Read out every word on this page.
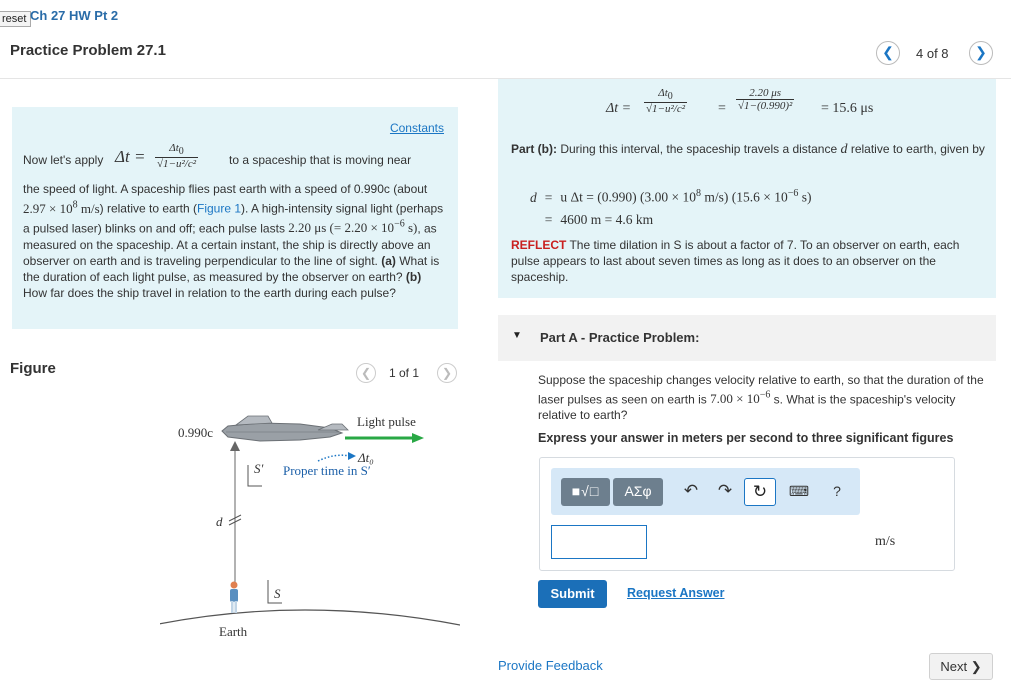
reset Ch 27 HW Pt 2
Practice Problem 27.1	❮	4 of 8	❯
Constants
Now let's apply $\Delta t = \frac{\Delta t_0}{\text{√1−u²/c²}}$	to a spaceship that is moving near
the speed of light. A spaceship flies past earth with a speed of 0.990c (about $2.97 \times 10^8$ m/s) relative to earth (Figure 1). A high-intensity signal light (perhaps a pulsed laser) blinks on and off; each pulse lasts 2.20 μs (= $2.20 \times 10^{-6}$ s), as measured on the spaceship. At a certain instant, the ship is directly above an observer on earth and is traveling perpendicular to the line of sight. (a) What is the duration of each light pulse, as measured by the observer on earth? (b) How far does the ship travel in relation to the earth during each pulse?
Figure	❮	1 of 1	❯
0.990c
Light pulse
Δt₀
S′ Proper time in S′
d
S
Earth
$\Delta t = \frac{\Delta t_0}{\text{√1−u²/c²}} = \frac{2.20 \mu s}{\text{√1−(0.990)²}} = 15.6$ μs
Part (b): During this interval, the spaceship travels a distance d relative to earth, given by
d	=	u Δt = (0.990) ($3.00 \times 10^8$ m/s) ($15.6 \times 10^{-6}$ s)
	=	4600 m = 4.6 km
REFLECT The time dilation in S is about a factor of 7. To an observer on earth, each pulse appears to last about seven times as long as it does to an observer on the spaceship.
▼ Part A - Practice Problem:
Suppose the spaceship changes velocity relative to earth, so that the duration of the laser pulses as seen on earth is $7.00 \times 10^{-6}$ s. What is the spaceship's velocity relative to earth?
Express your answer in meters per second to three significant figures
■√□	ΑΣφ	↶ ↷	↻	⌨	?
m/s
Submit	Request Answer
Provide Feedback	Next ❯
